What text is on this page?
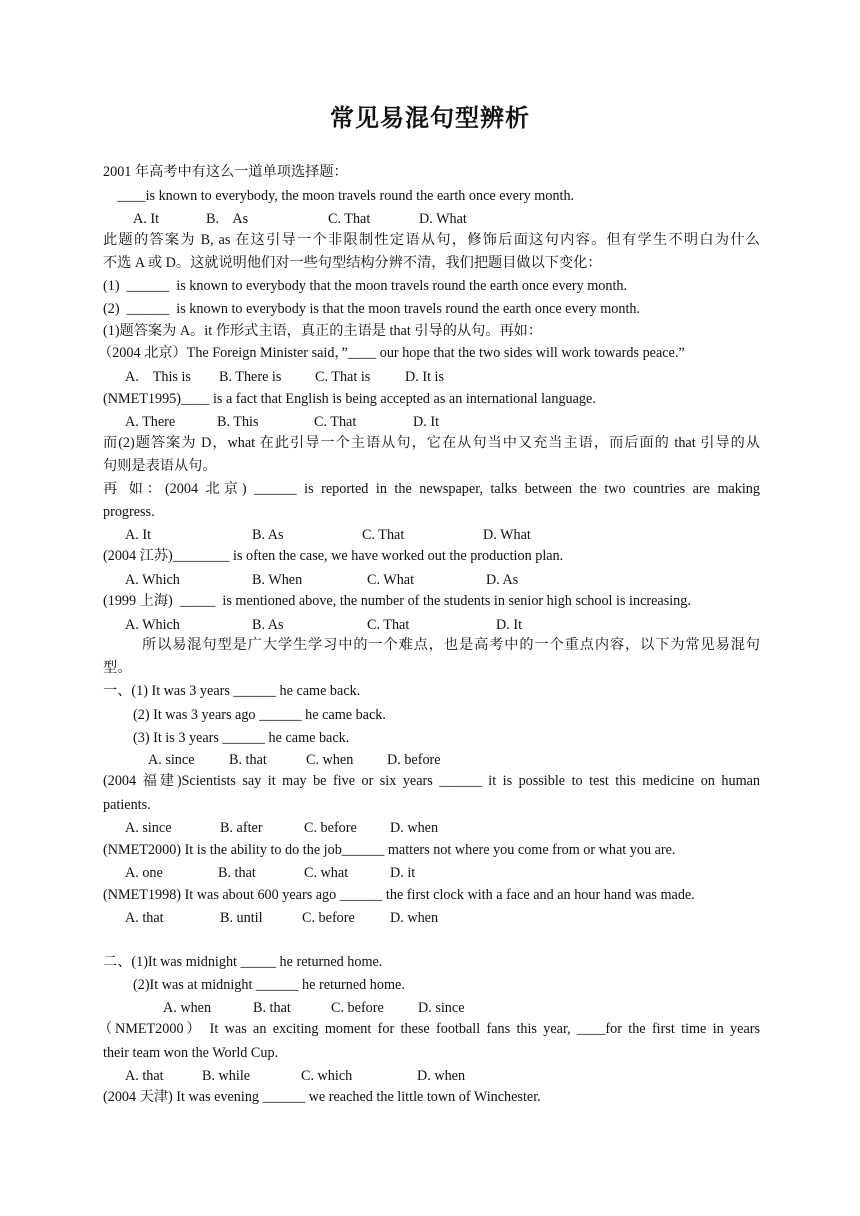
常见易混句型辨析
2001 年高考中有这么一道单项选择题：
____is known to everybody, the moon travels round the earth once every month.
A. It	B.    As	C. That	D. What
此题的答案为 B, as 在这引导一个非限制性定语从句，修饰后面这句内容。但有学生不明白为什么
不选 A 或 D。这就说明他们对一些句型结构分辨不清，我们把题目做以下变化：
(1)  ______  is known to everybody that the moon travels round the earth once every month.
(2)  ______  is known to everybody is that the moon travels round the earth once every month.
(1)题答案为 A。it 作形式主语，真正的主语是 that 引导的从句。再如：
（2004 北京）The Foreign Minister said，”____ our hope that the two sides will work towards peace.”
A.    This is B. There is C. That is D. It is
(NMET1995)____ is a fact that English is being accepted as an international language.
A. There	B. This	C. That	D. It
而(2)题答案为 D，what 在此引导一个主语从句，它在从句当中又充当主语，而后面的 that 引导的从
句则是表语从句。
再 如：(2004 北京) ______ is reported in the newspaper, talks between the two countries are making
progress.
A. It	B. As	C. That	D. What
(2004 江苏)________ is often the case, we have worked out the production plan.
A. Which	B. When	C. What	D. As
(1999 上海)  _____  is mentioned above, the number of the students in senior high school is increasing.
A. Which	B. As	C. That	D. It
所以易混句型是广大学生学习中的一个难点，也是高考中的一个重点内容，以下为常见易混句
型。
一、(1) It was 3 years ______ he came back.
(2) It was 3 years ago ______ he came back.
(3) It is 3 years ______ he came back.
A. since B. that	C. when D. before
(2004 福建)Scientists say it may be five or six years ______ it is possible to test this medicine on human
patients.
A. since	B. after	C. before D. when
(NMET2000) It is the ability to do the job______ matters not where you come from or what you are.
A. one	B. that	C. what	D. it
(NMET1998) It was about 600 years ago ______ the first clock with a face and an hour hand was made.
A. that	B. until	C. before D. when
二、(1)It was midnight _____ he returned home.
(2)It was at midnight ______ he returned home.
A. when	B. that	C. before D. since
（NMET2000） It was an exciting moment for these football fans this year, ____for the first time in years
their team won the World Cup.
A. that	B. while	C. which	D. when
(2004 天津) It was evening ______ we reached the little town of Winchester.
